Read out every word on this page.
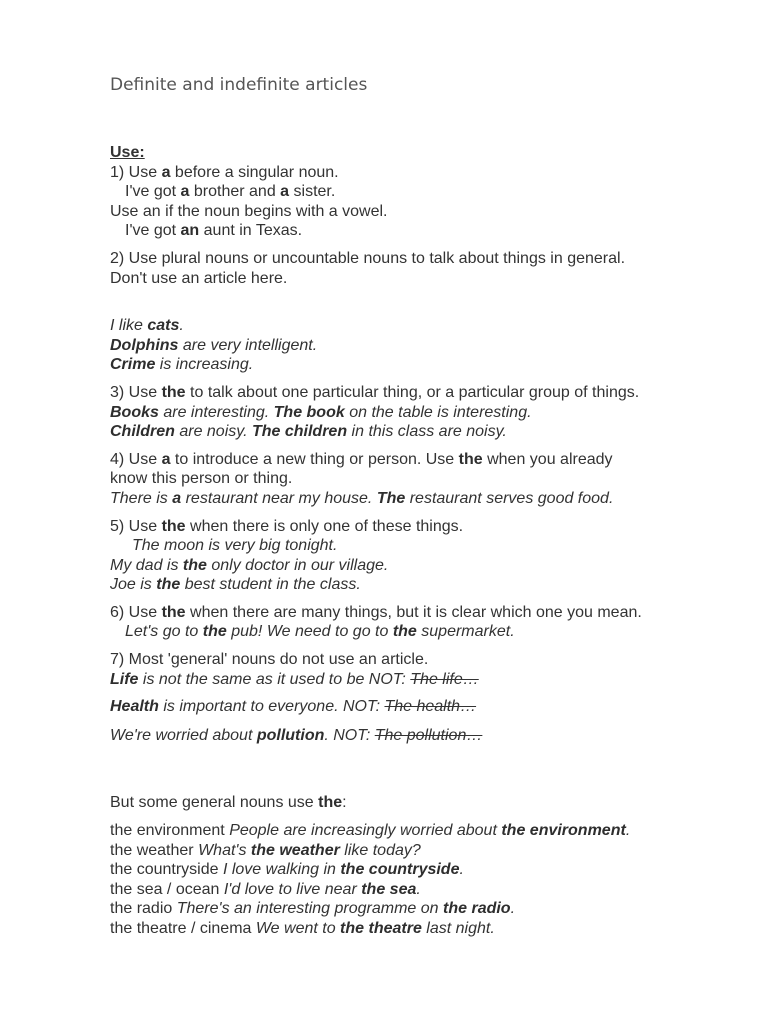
Definite and indefinite articles
Use:
1) Use a before a singular noun.
I've got a brother and a sister.
Use an if the noun begins with a vowel.
I've got an aunt in Texas.
2) Use plural nouns or uncountable nouns to talk about things in general.
Don't use an article here.
I like cats.
Dolphins are very intelligent.
Crime is increasing.
3) Use the to talk about one particular thing, or a particular group of things.
Books are interesting. The book on the table is interesting.
Children are noisy. The children in this class are noisy.
4) Use a to introduce a new thing or person. Use the when you already
know this person or thing.
There is a restaurant near my house. The restaurant serves good food.
5) Use the when there is only one of these things.
The moon is very big tonight.
My dad is the only doctor in our village.
Joe is the best student in the class.
6) Use the when there are many things, but it is clear which one you mean.
Let's go to the pub! We need to go to the supermarket.
7) Most 'general' nouns do not use an article.
Life is not the same as it used to be NOT: The life…
Health is important to everyone. NOT: The health…
We're worried about pollution. NOT: The pollution…
But some general nouns use the:
the environment People are increasingly worried about the environment.
the weather What's the weather like today?
the countryside I love walking in the countryside.
the sea / ocean I'd love to live near the sea.
the radio There's an interesting programme on the radio.
the theatre / cinema We went to the theatre last night.
